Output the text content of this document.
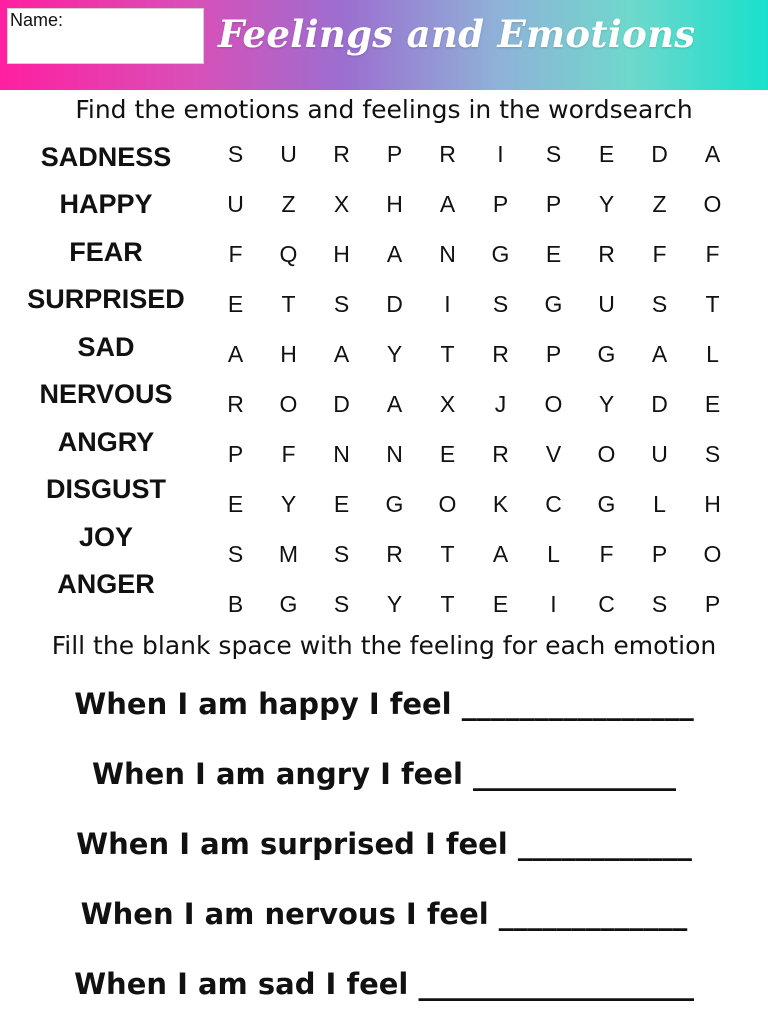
Name:	Feelings and Emotions
Find the emotions and feelings in the wordsearch
SADNESS
HAPPY
FEAR
SURPRISED
SAD
NERVOUS
ANGRY
DISGUST
JOY
ANGER
S	U	R	P	R	I	S	E	D	A
U	Z	X	H	A	P	P	Y	Z	O
F	Q	H	A	N	G	E	R	F	F
E	T	S	D	I	S	G	U	S	T
A	H	A	Y	T	R	P	G	A	L
R	O	D	A	X	J	O	Y	D	E
P	F	N	N	E	R	V	O	U	S
E	Y	E	G	O	K	C	G	L	H
S	M	S	R	T	A	L	F	P	O
B	G	S	Y	T	E	I	C	S	P
Fill the blank space with the feeling for each emotion
When I am happy I feel ________________
When I am angry I feel ______________
When I am surprised I feel ____________
When I am nervous I feel _____________
When I am sad I feel ___________________
